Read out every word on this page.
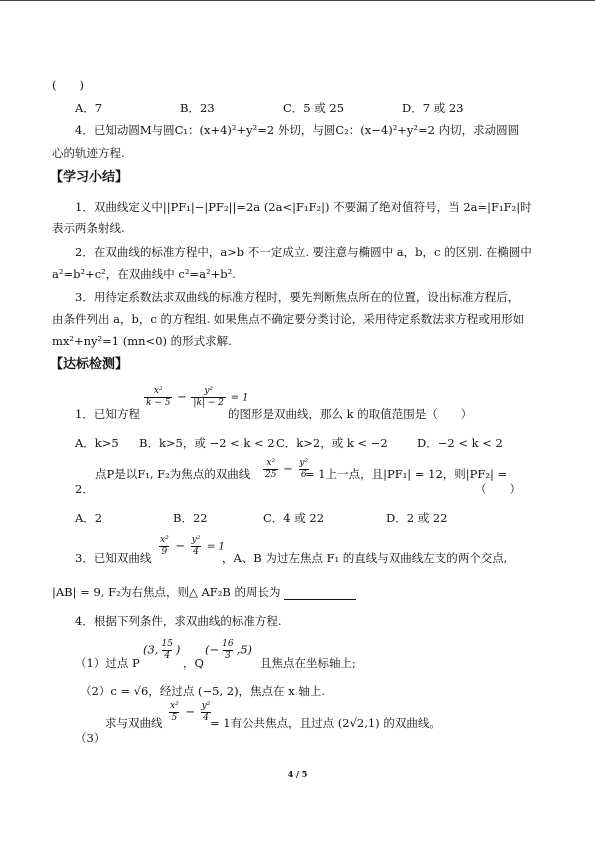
(　　)
A．7	B．23	C．5 或 25	D．7 或 23
4．已知动圆M与圆C₁：(x+4)²+y²=2 外切，与圆C₂：(x−4)²+y²=2 内切，求动圆圆
心的轨迹方程.
【学习小结】
1．双曲线定义中||PF₁|−|PF₂||=2a (2a<|F₁F₂|) 不要漏了绝对值符号，当 2a=|F₁F₂|时
表示两条射线.
2．在双曲线的标准方程中，a>b 不一定成立. 要注意与椭圆中 a，b，c 的区别. 在椭圆中
a²=b²+c²，在双曲线中 c²=a²+b².
3．用待定系数法求双曲线的标准方程时，要先判断焦点所在的位置，设出标准方程后，
由条件列出 a，b，c 的方程组. 如果焦点不确定要分类讨论，采用待定系数法求方程或用形如
mx²+ny²=1 (mn<0) 的形式求解.
【达标检测】
1．已知方程
$\frac{\text{x²}}{k - 5} - \frac{\text{y²}}{|k| - 2} = 1$
的图形是双曲线，那么 k 的取值范围是（　　）
A．k>5 B．k>5，或 −2 < k < 2 C．k>2，或 k < −2	D．−2 < k < 2
2．
点P是以F₁, F₂为焦点的双曲线 $\frac{\text{x²}}{25} - \frac{\text{y²}}{6}$
= 1上一点，且|PF₁| = 12，则|PF₂| =
（　　）
A．2	B．22	C．4 或 22	D．2 或 22
3．已知双曲线 $\frac{\text{x²}}{9} - \frac{\text{y²}}{4} = 1$
，A、B 为过左焦点 F₁ 的直线与双曲线左支的两个交点,
|AB| = 9, F₂ 为右焦点，则△ AF₂B 的周长为
4．根据下列条件，求双曲线的标准方程.
（1）过点 P
(3, $\frac{15}{4}$ )
，Q
(− $\frac{16}{3} ,5$)
且焦点在坐标轴上;
（2）c = √6，经过点 (−5, 2)，焦点在 x 轴上.
求与双曲线 $\frac{\text{x²}}{5} - \frac{\text{y²}}{4}$
= 1有公共焦点，且过点 (2√2,1) 的双曲线。
（3）
4 / 5
